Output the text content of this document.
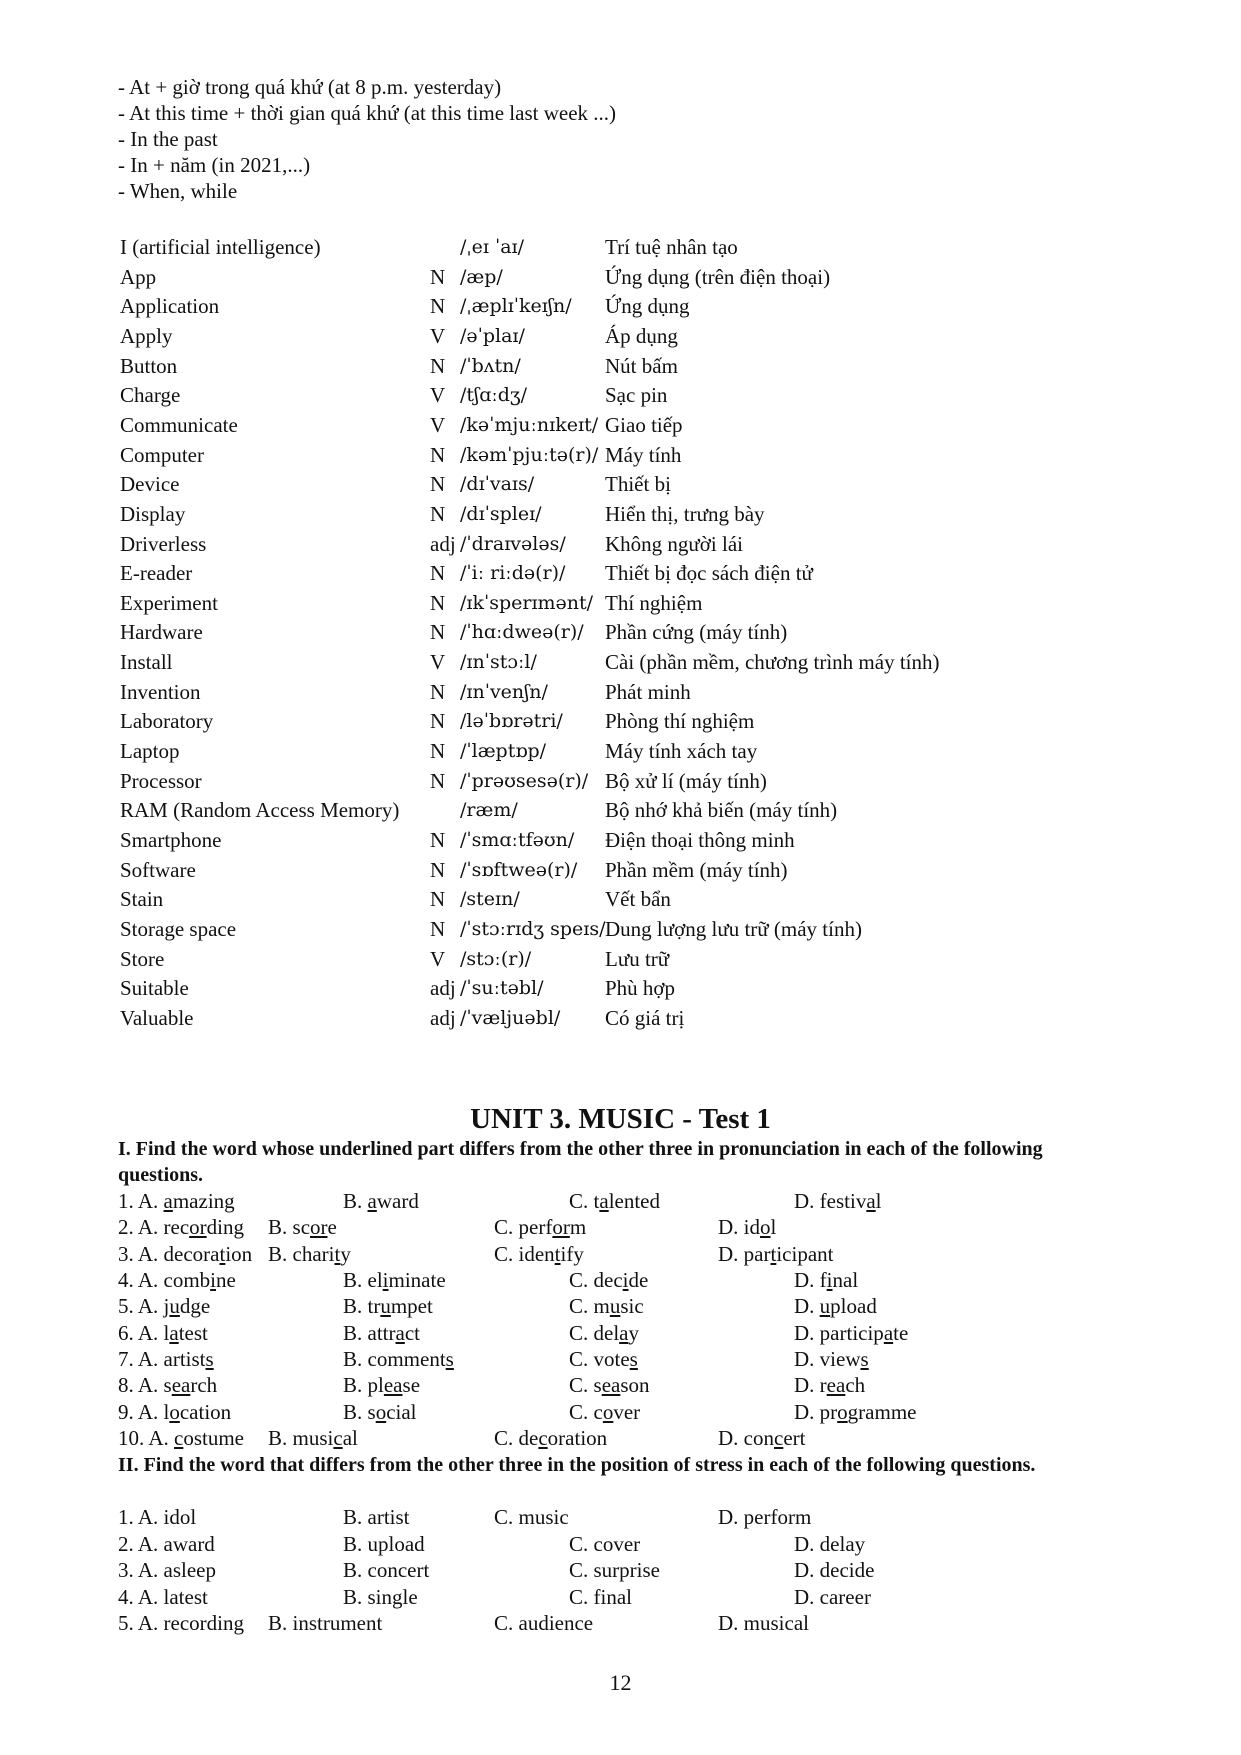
- At + giờ trong quá khứ (at 8 p.m. yesterday)
- At this time + thời gian quá khứ (at this time last week ...)
- In the past
- In + năm (in 2021,...)
- When, while
I (artificial intelligence)	/ˌeɪ ˈaɪ/	Trí tuệ nhân tạo
App	N /æp/	Ứng dụng (trên điện thoại)
Application	N /ˌæplɪˈkeɪʃn/ Ứng dụng
Apply	V /əˈplaɪ/	Áp dụng
Button	N /ˈbʌtn/	Nút bấm
Charge	V /tʃɑːdʒ/	Sạc pin
Communicate	V /kəˈmjuːnɪkeɪt/ Giao tiếp
Computer	N /kəmˈpjuːtə(r)/ Máy tính
Device	N /dɪˈvaɪs/	Thiết bị
Display	N /dɪˈspleɪ/	Hiển thị, trưng bày
Driverless	adj /ˈdraɪvələs/ Không người lái
E-reader	N /ˈiː riːdə(r)/ Thiết bị đọc sách điện tử
Experiment	N /ɪkˈsperɪmənt/ Thí nghiệm
Hardware	N /ˈhɑːdweə(r)/ Phần cứng (máy tính)
Install	V /ɪnˈstɔːl/	Cài (phần mềm, chương trình máy tính)
Invention	N /ɪnˈvenʃn/	Phát minh
Laboratory	N /ləˈbɒrətri/ Phòng thí nghiệm
Laptop	N /ˈlæptɒp/	Máy tính xách tay
Processor	N /ˈprəʊsesə(r)/ Bộ xử lí (máy tính)
RAM (Random Access Memory)	/ræm/	Bộ nhớ khả biến (máy tính)
Smartphone	N /ˈsmɑːtfəʊn/ Điện thoại thông minh
Software	N /ˈsɒftweə(r)/ Phần mềm (máy tính)
Stain	N /steɪn/	Vết bẩn
Storage space	N /ˈstɔːrɪdʒ speɪs/ Dung lượng lưu trữ (máy tính)
Store	V /stɔː(r)/	Lưu trữ
Suitable	adj /ˈsuːtəbl/	Phù hợp
Valuable	adj /ˈvæljuəbl/ Có giá trị
UNIT 3. MUSIC - Test 1
I. Find the word whose underlined part differs from the other three in pronunciation in each of the following questions.
1. A. amazing	B. award	C. talented	D. festival
2. A. recording B. score	C. perform	D. idol
3. A. decoration B. charity	C. identify	D. participant
4. A. combine	B. eliminate	C. decide	D. final
5. A. judge	B. trumpet	C. music	D. upload
6. A. latest	B. attract	C. delay	D. participate
7. A. artists	B. comments	C. votes	D. views
8. A. search	B. please	C. season	D. reach
9. A. location	B. social	C. cover	D. programme
10. A. costume B. musical	C. decoration	D. concert
II. Find the word that differs from the other three in the position of stress in each of the following questions.
1. A. idol	B. artist	C. music	D. perform
2. A. award	B. upload	C. cover	D. delay
3. A. asleep	B. concert	C. surprise	D. decide
4. A. latest	B. single	C. final	D. career
5. A. recording B. instrument	C. audience	D. musical
12
